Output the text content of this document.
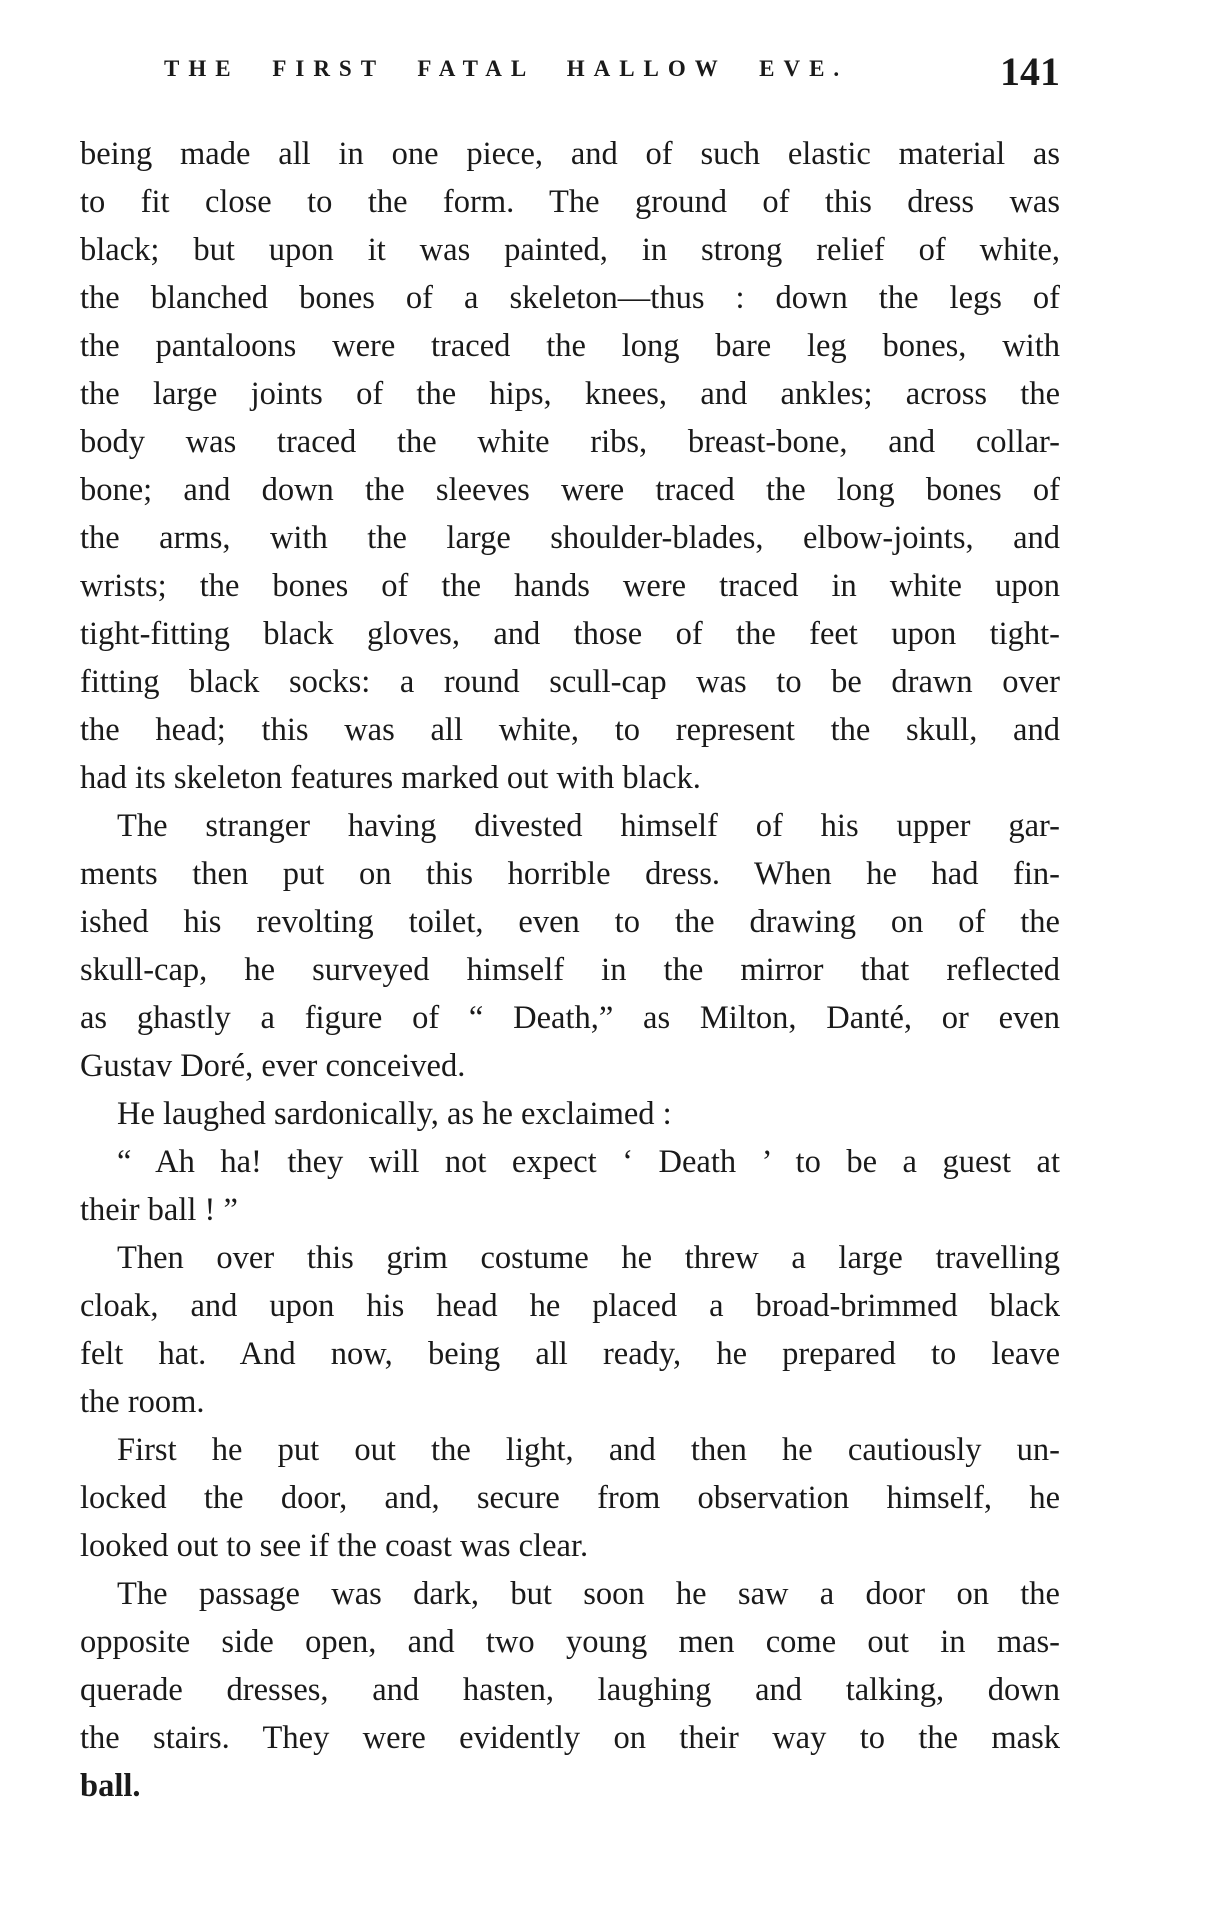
THE FIRST FATAL HALLOW EVE.	141
being made all in one piece, and of such elastic material as
to fit close to the form. The ground of this dress was
black; but upon it was painted, in strong relief of white,
the blanched bones of a skeleton—thus : down the legs of
the pantaloons were traced the long bare leg bones, with
the large joints of the hips, knees, and ankles; across the
body was traced the white ribs, breast-bone, and collar-
bone; and down the sleeves were traced the long bones of
the arms, with the large shoulder-blades, elbow-joints, and
wrists; the bones of the hands were traced in white upon
tight-fitting black gloves, and those of the feet upon tight-
fitting black socks: a round scull-cap was to be drawn over
the head; this was all white, to represent the skull, and
had its skeleton features marked out with black.
The stranger having divested himself of his upper gar-
ments then put on this horrible dress. When he had fin-
ished his revolting toilet, even to the drawing on of the
skull-cap, he surveyed himself in the mirror that reflected
as ghastly a figure of “ Death,” as Milton, Danté, or even
Gustav Doré, ever conceived.
He laughed sardonically, as he exclaimed :
“ Ah ha! they will not expect ‘ Death ’ to be a guest at
their ball ! ”
Then over this grim costume he threw a large travelling
cloak, and upon his head he placed a broad-brimmed black
felt hat. And now, being all ready, he prepared to leave
the room.
First he put out the light, and then he cautiously un-
locked the door, and, secure from observation himself, he
looked out to see if the coast was clear.
The passage was dark, but soon he saw a door on the
opposite side open, and two young men come out in mas-
querade dresses, and hasten, laughing and talking, down
the stairs. They were evidently on their way to the mask
ball.
